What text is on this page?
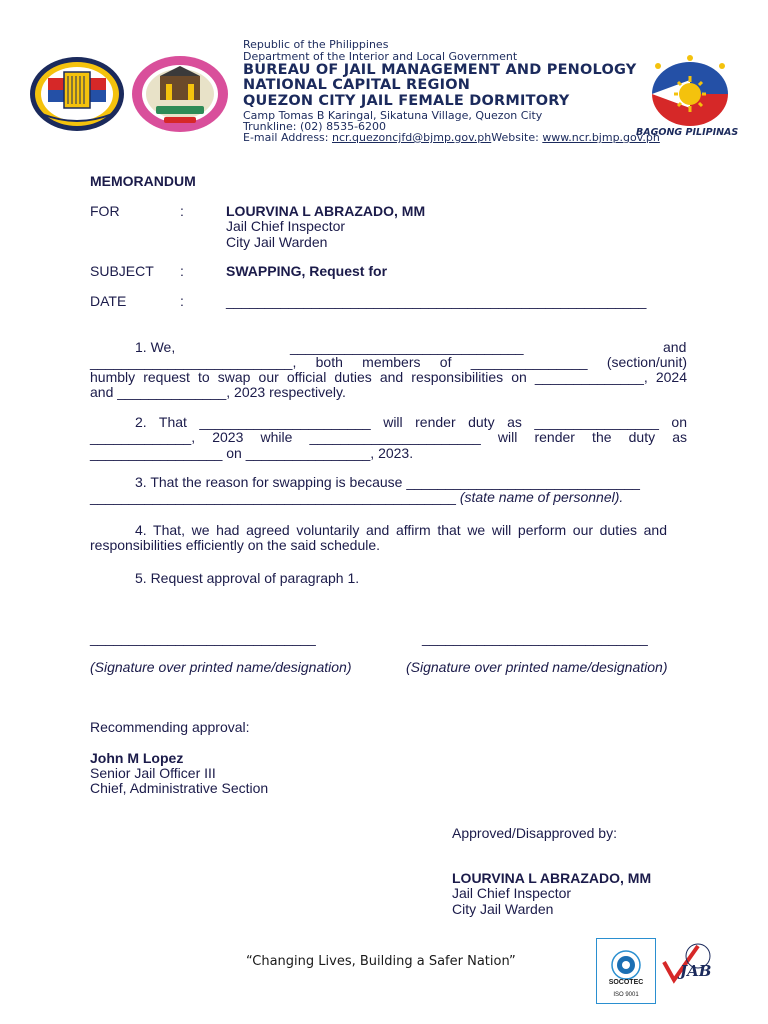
Republic of the Philippines
Department of the Interior and Local Government
BUREAU OF JAIL MANAGEMENT AND PENOLOGY
NATIONAL CAPITAL REGION
QUEZON CITY JAIL FEMALE DORMITORY
Camp Tomas B Karingal, Sikatuna Village, Quezon City
Trunkline: (02) 8535-6200
E-mail Address: ncr.quezoncjfd@bjmp.gov.phWebsite: www.ncr.bjmp.gov.ph
BAGONG PILIPINAS
MEMORANDUM
FOR	:	LOURVINA L ABRAZADO, MM
Jail Chief Inspector
City Jail Warden
SUBJECT :	SWAPPING, Request for
DATE	:	______________________________________________________
1. We,	______________________________	and
__________________________, both members of _______________ (section/unit)
humbly request to swap our official duties and responsibilities on ______________, 2024
and ______________, 2023 respectively.
2. That ______________________ will render duty as ________________ on
_____________, 2023 while ______________________ will render the duty as
_________________ on ________________, 2023.
3. That the reason for swapping is because ______________________________
_______________________________________________ (state name of personnel).
4. That, we had agreed voluntarily and affirm that we will perform our duties and
responsibilities efficiently on the said schedule.
5. Request approval of paragraph 1.
_____________________________	_____________________________
(Signature over printed name/designation)	(Signature over printed name/designation)
Recommending approval:
John M Lopez
Senior Jail Officer III
Chief, Administrative Section
Approved/Disapproved by:
LOURVINA L ABRAZADO, MM
Jail Chief Inspector
City Jail Warden
“Changing Lives, Building a Safer Nation”
SOCOTEC
ISO 9001
JAB
